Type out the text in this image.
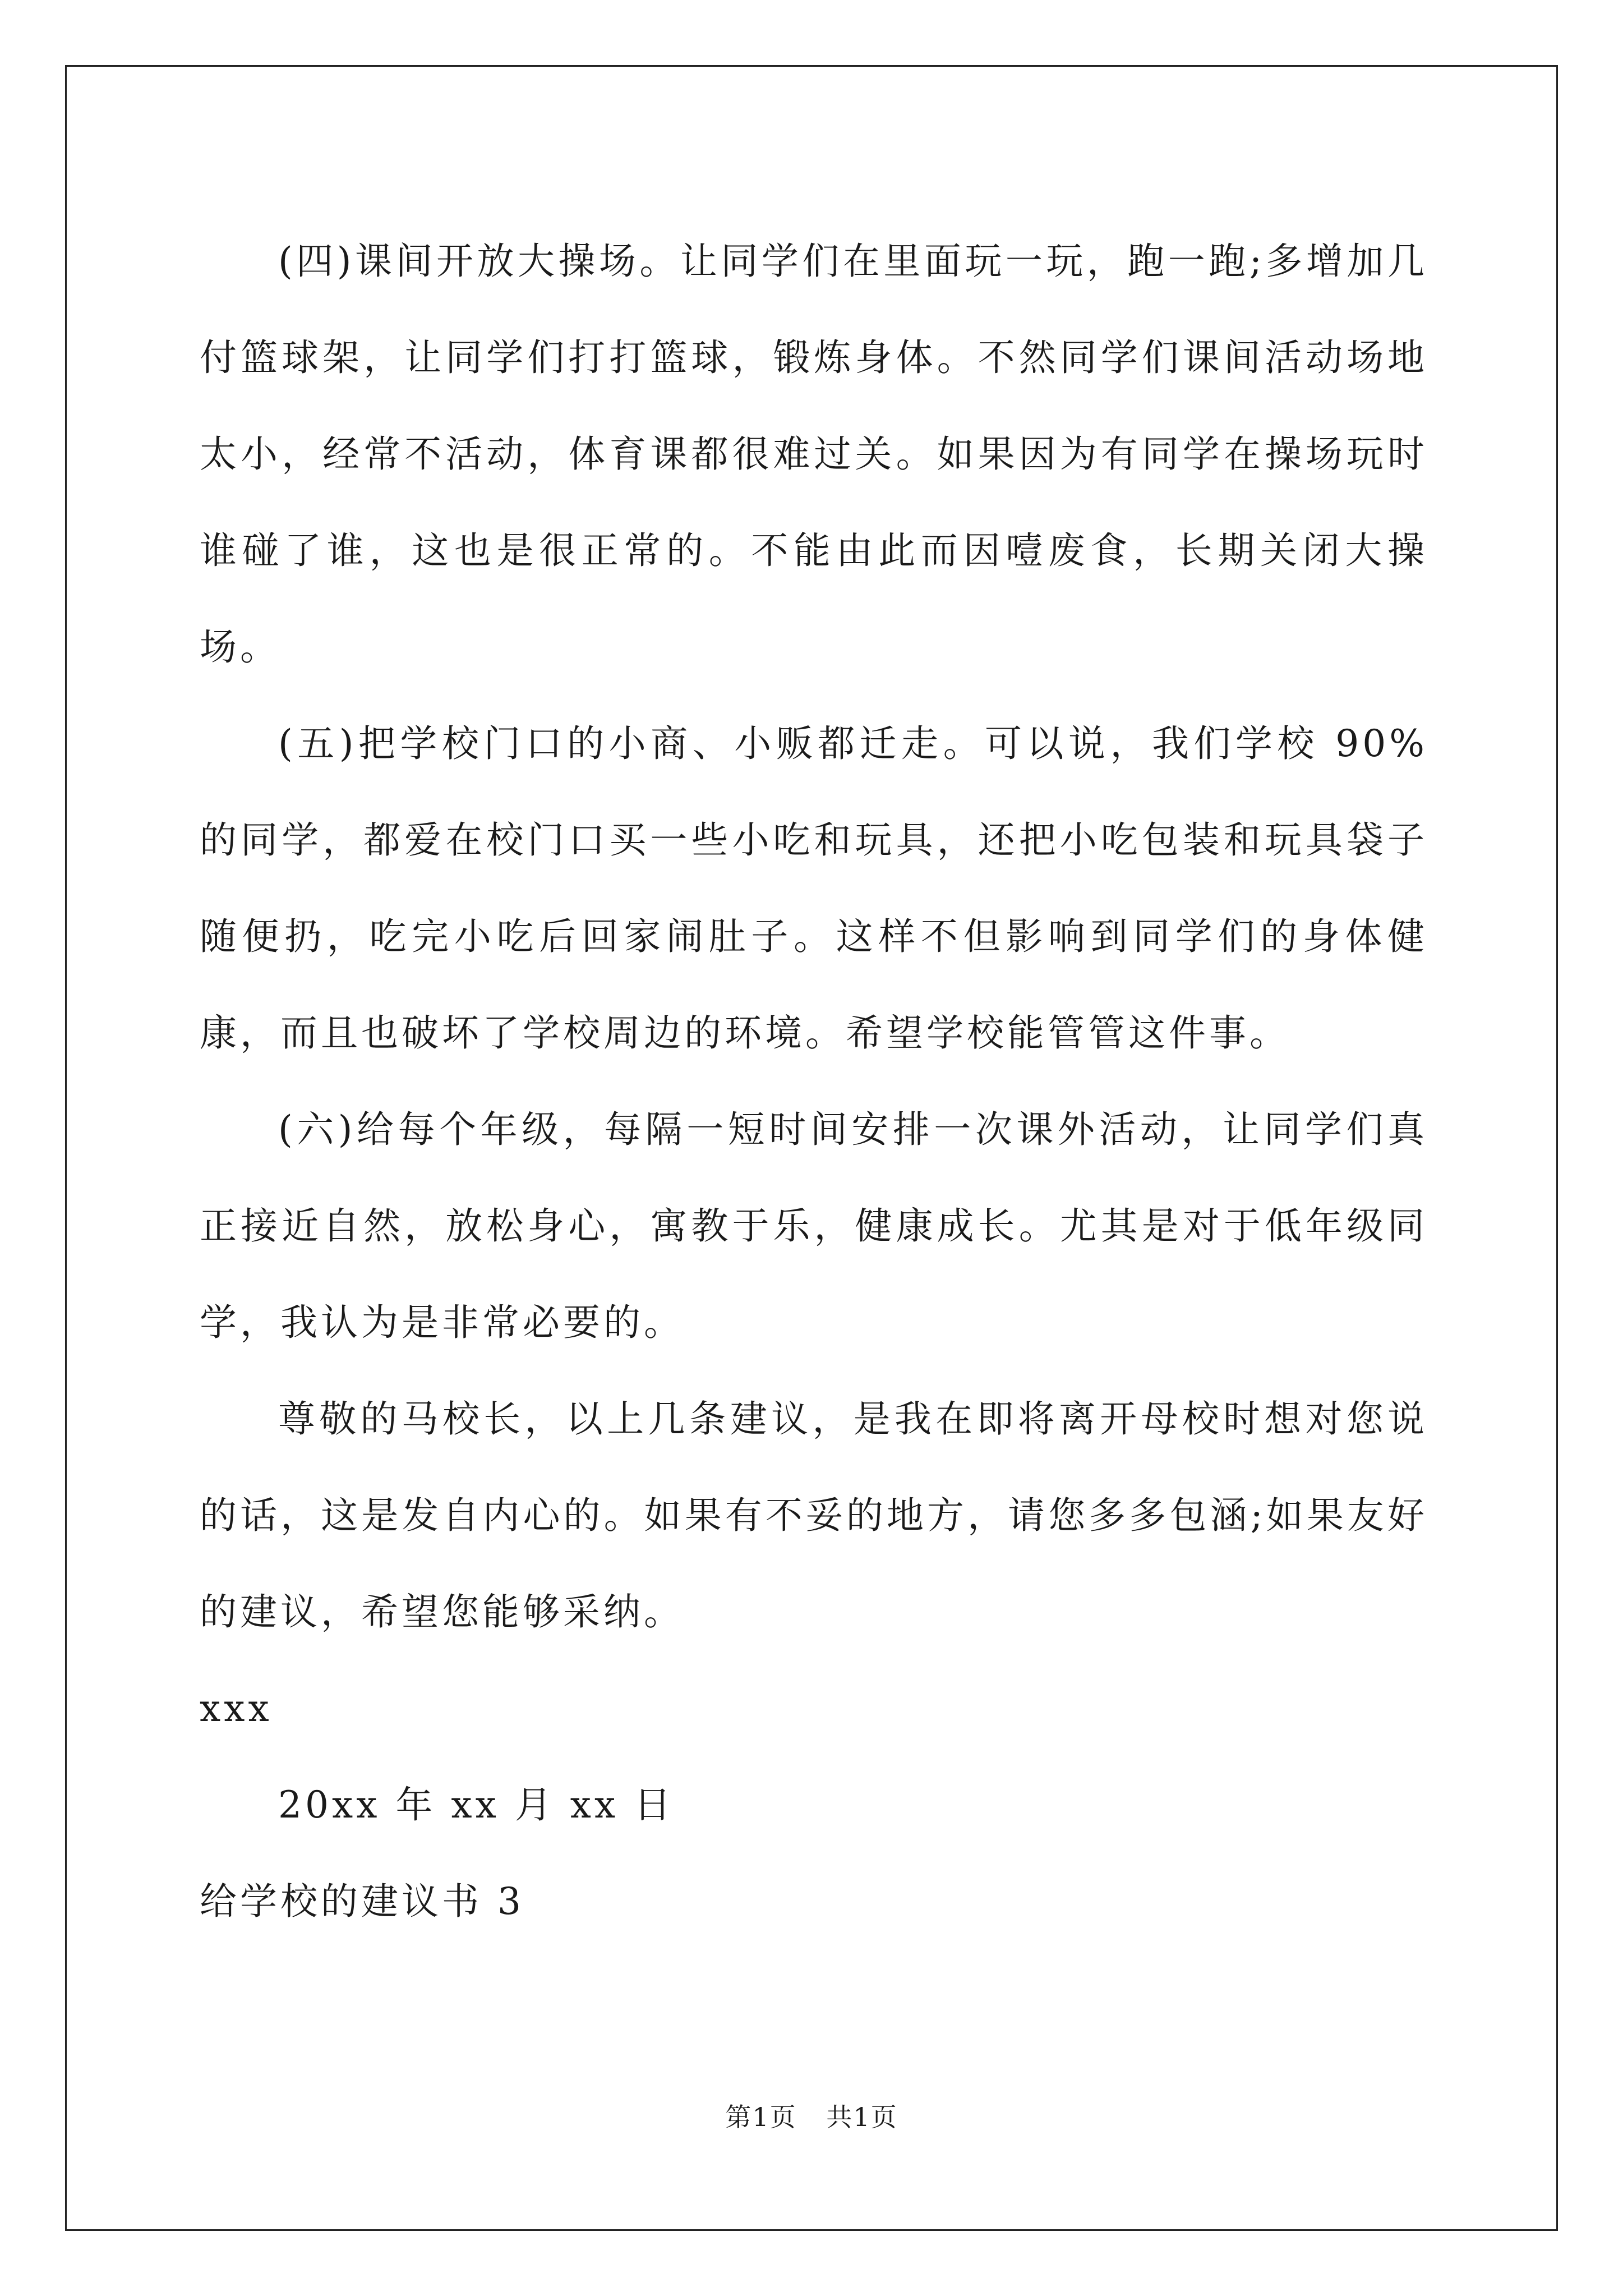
(四)课间开放大操场。让同学们在里面玩一玩，跑一跑;多增加几付篮球架，让同学们打打篮球，锻炼身体。不然同学们课间活动场地太小，经常不活动，体育课都很难过关。如果因为有同学在操场玩时谁碰了谁，这也是很正常的。不能由此而因噎废食，长期关闭大操场。

(五)把学校门口的小商、小贩都迁走。可以说，我们学校 90%的同学，都爱在校门口买一些小吃和玩具，还把小吃包装和玩具袋子随便扔，吃完小吃后回家闹肚子。这样不但影响到同学们的身体健康，而且也破坏了学校周边的环境。希望学校能管管这件事。

(六)给每个年级，每隔一短时间安排一次课外活动，让同学们真正接近自然，放松身心，寓教于乐，健康成长。尤其是对于低年级同学，我认为是非常必要的。

尊敬的马校长，以上几条建议，是我在即将离开母校时想对您说的话，这是发自内心的。如果有不妥的地方，请您多多包涵;如果友好的建议，希望您能够采纳。

xxx

20xx 年 xx 月 xx 日

给学校的建议书 3

第1页 共1页
